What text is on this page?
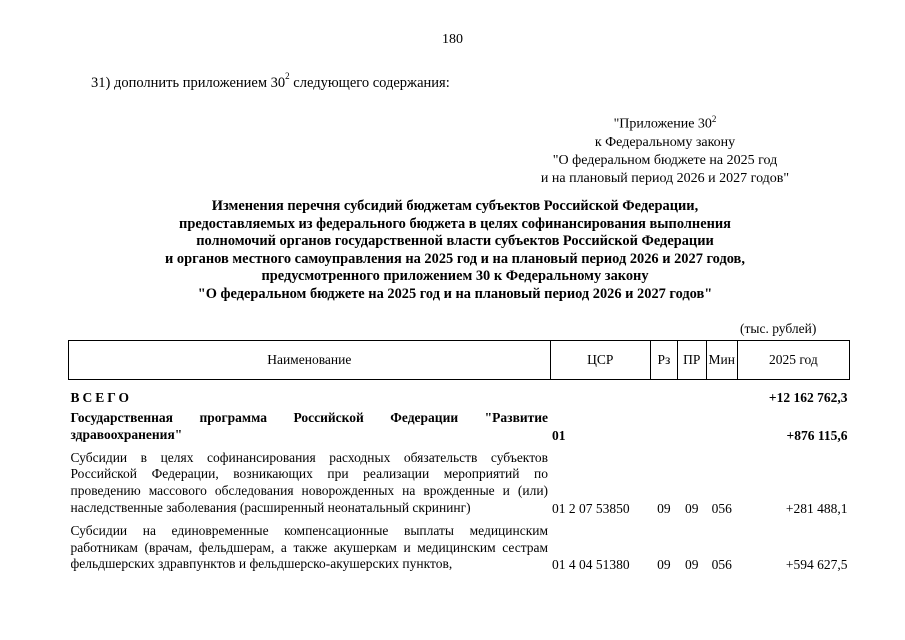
180
31) дополнить приложением $30^2$ следующего содержания:
"Приложение $30^2$
к Федеральному закону
"О федеральном бюджете на 2025 год
и на плановый период 2026 и 2027 годов"
Изменения перечня субсидий бюджетам субъектов Российской Федерации,
предоставляемых из федерального бюджета в целях софинансирования выполнения
полномочий органов государственной власти субъектов Российской Федерации
и органов местного самоуправления на 2025 год и на плановый период 2026 и 2027 годов,
предусмотренного приложением 30 к Федеральному закону
"О федеральном бюджете на 2025 год и на плановый период 2026 и 2027 годов"
(тыс. рублей)
Наименование	ЦСР	Рз	ПР	Мин	2025 год
ВСЕГО					+12 162 762,3
Государственная программа Российской Федерации "Развитие здравоохранения"	01				+876 115,6
Субсидии в целях софинансирования расходных обязательств субъектов Российской Федерации, возникающих при реализации мероприятий по проведению массового обследования новорожденных на врожденные и (или) наследственные заболевания (расширенный неонатальный скрининг)	01 2 07 53850	09	09	056	+281 488,1
Субсидии на единовременные компенсационные выплаты медицинским работникам (врачам, фельдшерам, а также акушеркам и медицинским сестрам фельдшерских здравпунктов и фельдшерско-акушерских пунктов,	01 4 04 51380	09	09	056	+594 627,5
